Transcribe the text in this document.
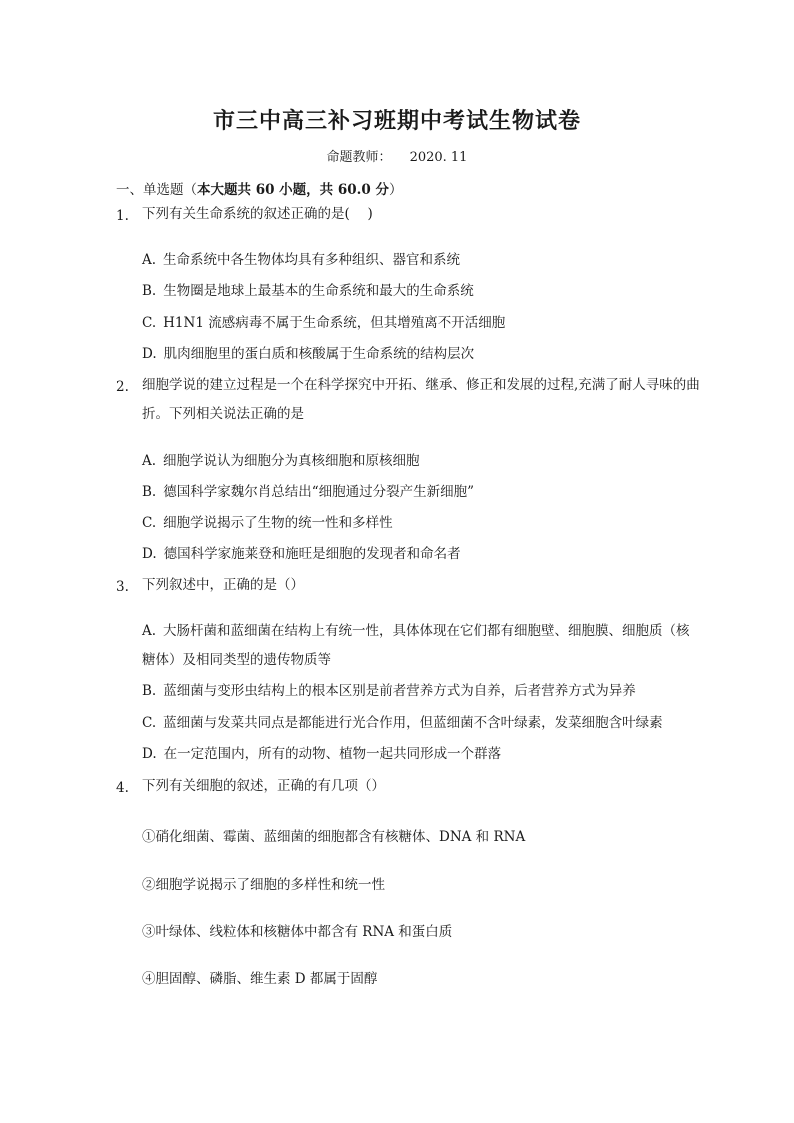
市三中高三补习班期中考试生物试卷
命题教师： 2020. 11
一、单选题（本大题共 60 小题，共 60.0 分）
1. 下列有关生命系统的叙述正确的是(　 )
A. 生命系统中各生物体均具有多种组织、器官和系统
B. 生物圈是地球上最基本的生命系统和最大的生命系统
C. H1N1 流感病毒不属于生命系统，但其增殖离不开活细胞
D. 肌肉细胞里的蛋白质和核酸属于生命系统的结构层次
2. 细胞学说的建立过程是一个在科学探究中开拓、继承、修正和发展的过程,充满了耐人寻味的曲折。下列相关说法正确的是
A. 细胞学说认为细胞分为真核细胞和原核细胞
B. 德国科学家魏尔肖总结出“细胞通过分裂产生新细胞”
C. 细胞学说揭示了生物的统一性和多样性
D. 德国科学家施莱登和施旺是细胞的发现者和命名者
3. 下列叙述中，正确的是（）
A. 大肠杆菌和蓝细菌在结构上有统一性，具体体现在它们都有细胞壁、细胞膜、细胞质（核糖体）及相同类型的遗传物质等
B. 蓝细菌与变形虫结构上的根本区别是前者营养方式为自养，后者营养方式为异养
C. 蓝细菌与发菜共同点是都能进行光合作用，但蓝细菌不含叶绿素，发菜细胞含叶绿素
D. 在一定范围内，所有的动物、植物一起共同形成一个群落
4. 下列有关细胞的叙述，正确的有几项（）
①硝化细菌、霉菌、蓝细菌的细胞都含有核糖体、DNA 和 RNA
②细胞学说揭示了细胞的多样性和统一性
③叶绿体、线粒体和核糖体中都含有 RNA 和蛋白质
④胆固醇、磷脂、维生素 D 都属于固醇
